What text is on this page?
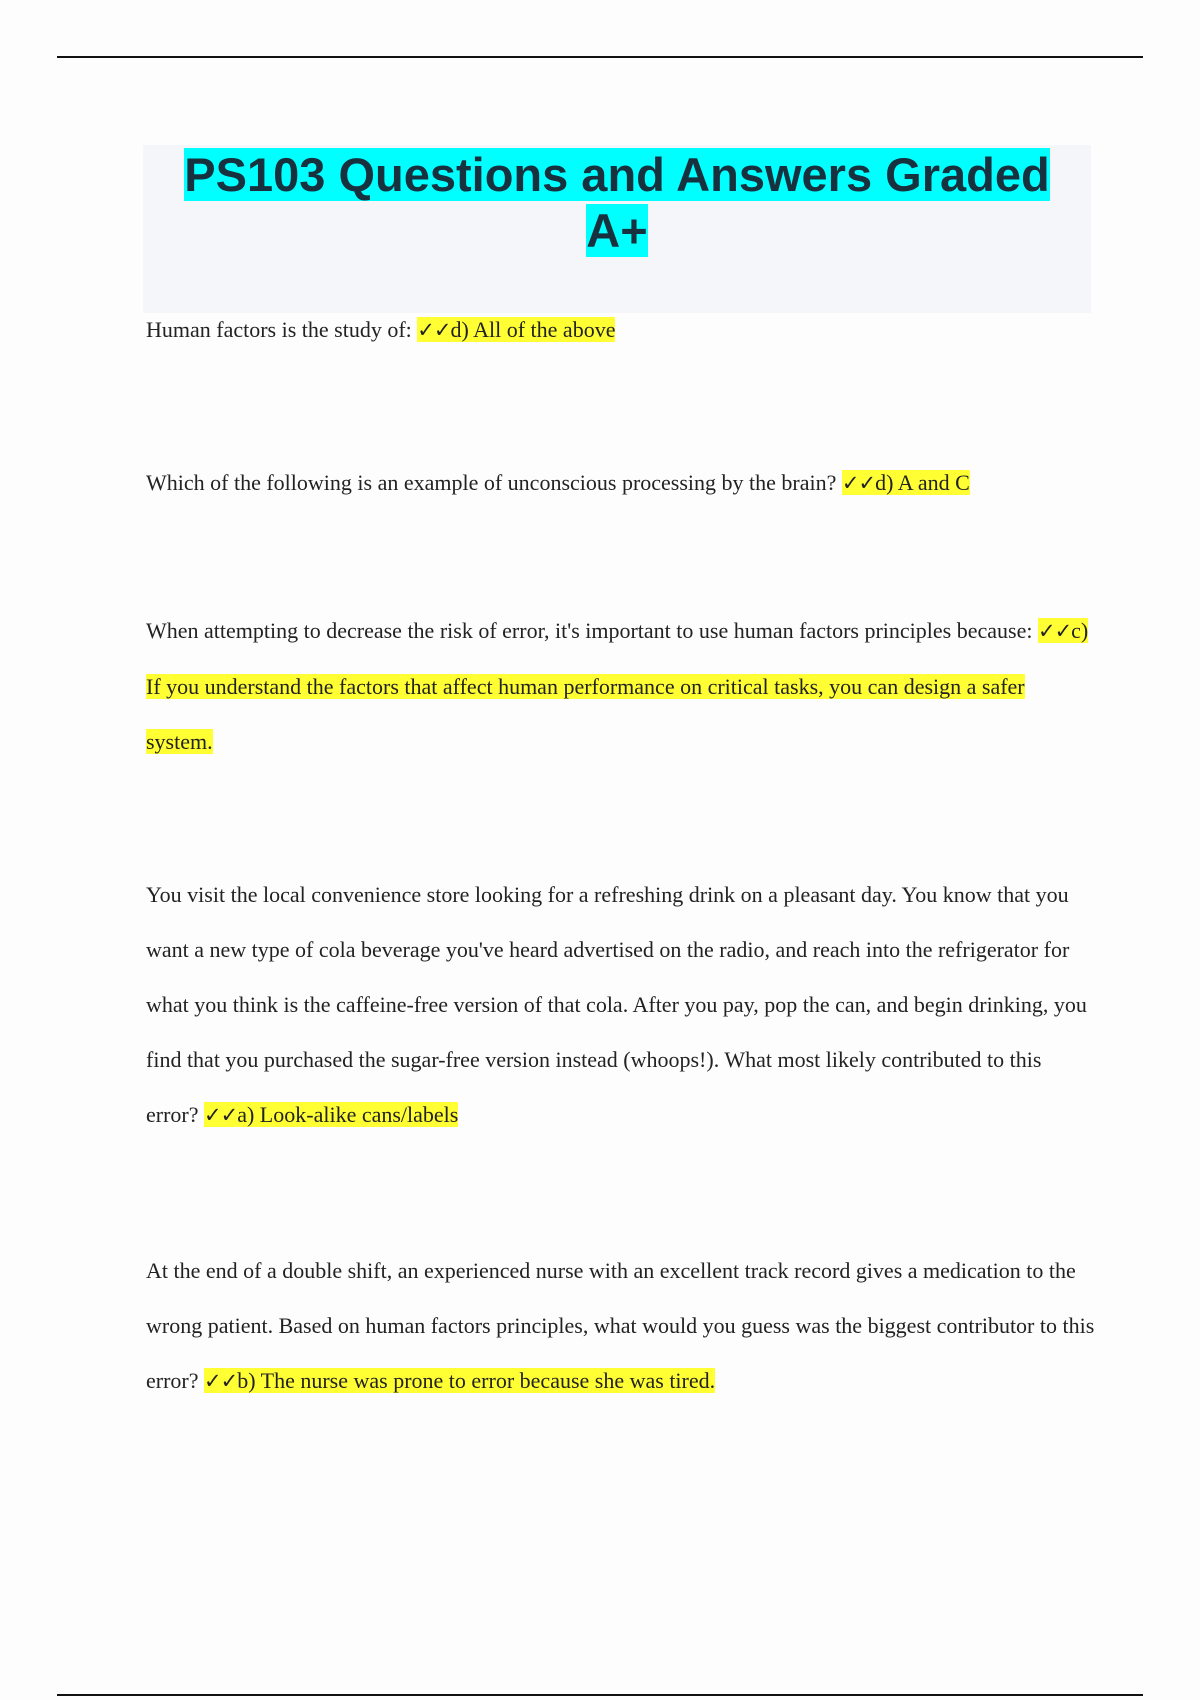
PS103 Questions and Answers Graded A+
Human factors is the study of: ✓✓d) All of the above
Which of the following is an example of unconscious processing by the brain? ✓✓d) A and C
When attempting to decrease the risk of error, it's important to use human factors principles because: ✓✓c) If you understand the factors that affect human performance on critical tasks, you can design a safer system.
You visit the local convenience store looking for a refreshing drink on a pleasant day. You know that you want a new type of cola beverage you've heard advertised on the radio, and reach into the refrigerator for what you think is the caffeine-free version of that cola. After you pay, pop the can, and begin drinking, you find that you purchased the sugar-free version instead (whoops!). What most likely contributed to this error? ✓✓a) Look-alike cans/labels
At the end of a double shift, an experienced nurse with an excellent track record gives a medication to the wrong patient. Based on human factors principles, what would you guess was the biggest contributor to this error? ✓✓b) The nurse was prone to error because she was tired.
